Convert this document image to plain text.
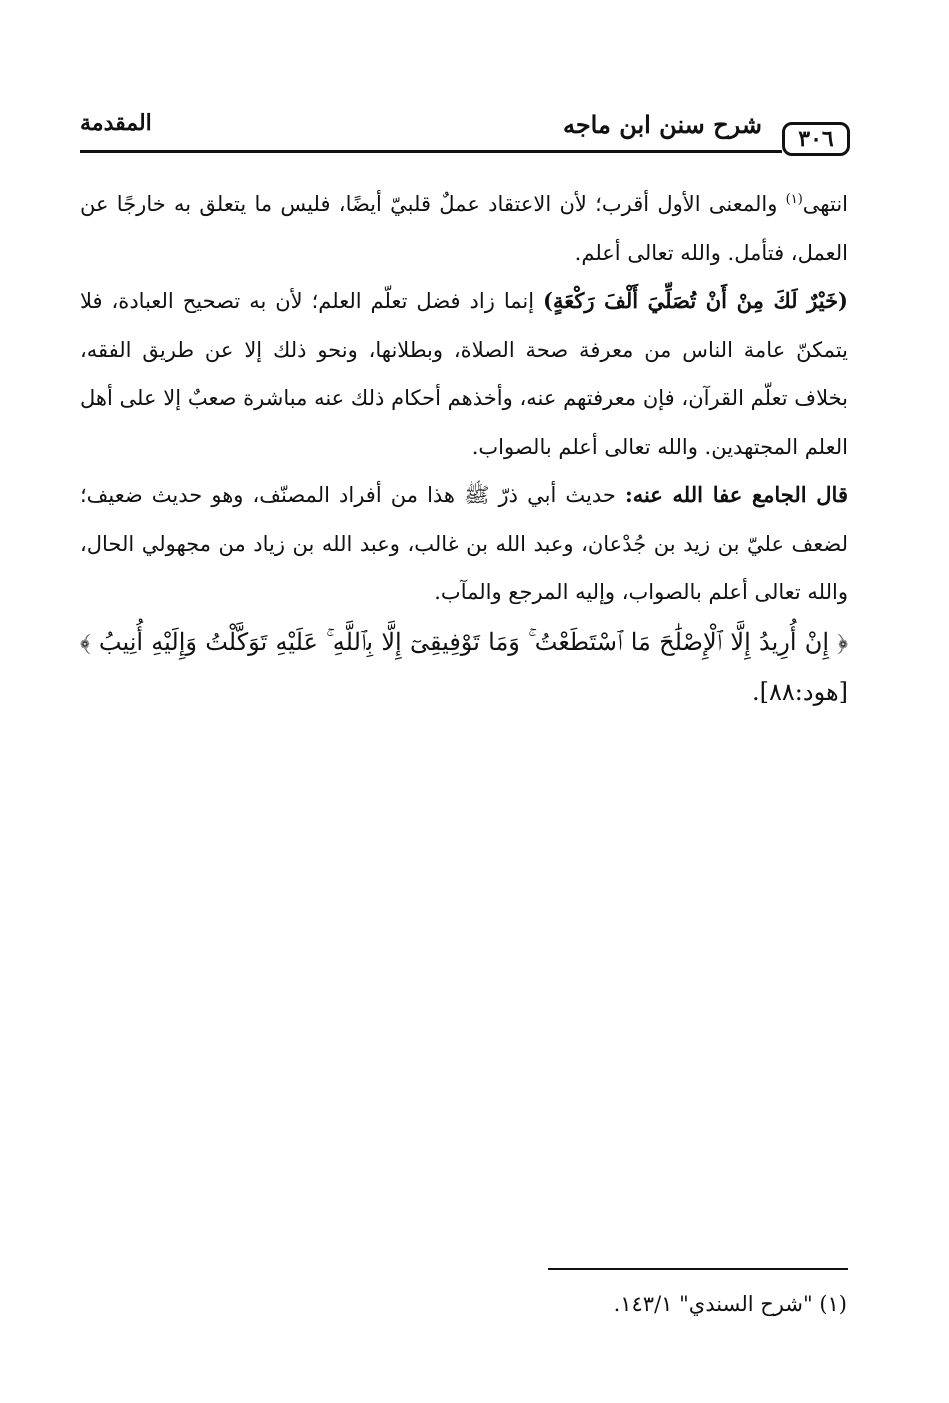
المقدمة	شرح سنن ابن ماجه	٣٠٦

انتهى$^{(١)}$ والمعنى الأول أقرب؛ لأن الاعتقاد عملٌ قلبيّ أيضًا، فليس ما يتعلق به خارجًا عن العمل، فتأمل. والله تعالى أعلم.

(خَيْرٌ لَكَ مِنْ أَنْ تُصَلِّيَ أَلْفَ رَكْعَةٍ) إنما زاد فضل تعلّم العلم؛ لأن به تصحيح العبادة، فلا يتمكنّ عامة الناس من معرفة صحة الصلاة، وبطلانها، ونحو ذلك إلا عن طريق الفقه، بخلاف تعلّم القرآن، فإن معرفتهم عنه، وأخذهم أحكام ذلك عنه مباشرة صعبٌ إلا على أهل العلم المجتهدين. والله تعالى أعلم بالصواب.

قال الجامع عفا الله عنه: حديث أبي ذرّ ﷺ هذا من أفراد المصنّف، وهو حديث ضعيف؛ لضعف عليّ بن زيد بن جُدْعان، وعبد الله بن غالب، وعبد الله بن زياد من مجهولي الحال، والله تعالى أعلم بالصواب، وإليه المرجع والمآب.

﴿ إِنْ أُرِيدُ إِلَّا ٱلْإِصْلَٰحَ مَا ٱسْتَطَعْتُ ۚ وَمَا تَوْفِيقِىٓ إِلَّا بِٱللَّهِ ۚ عَلَيْهِ تَوَكَّلْتُ وَإِلَيْهِ أُنِيبُ ﴾ [هود:٨٨].

(١) "شرح السندي" ١٤٣/١.
